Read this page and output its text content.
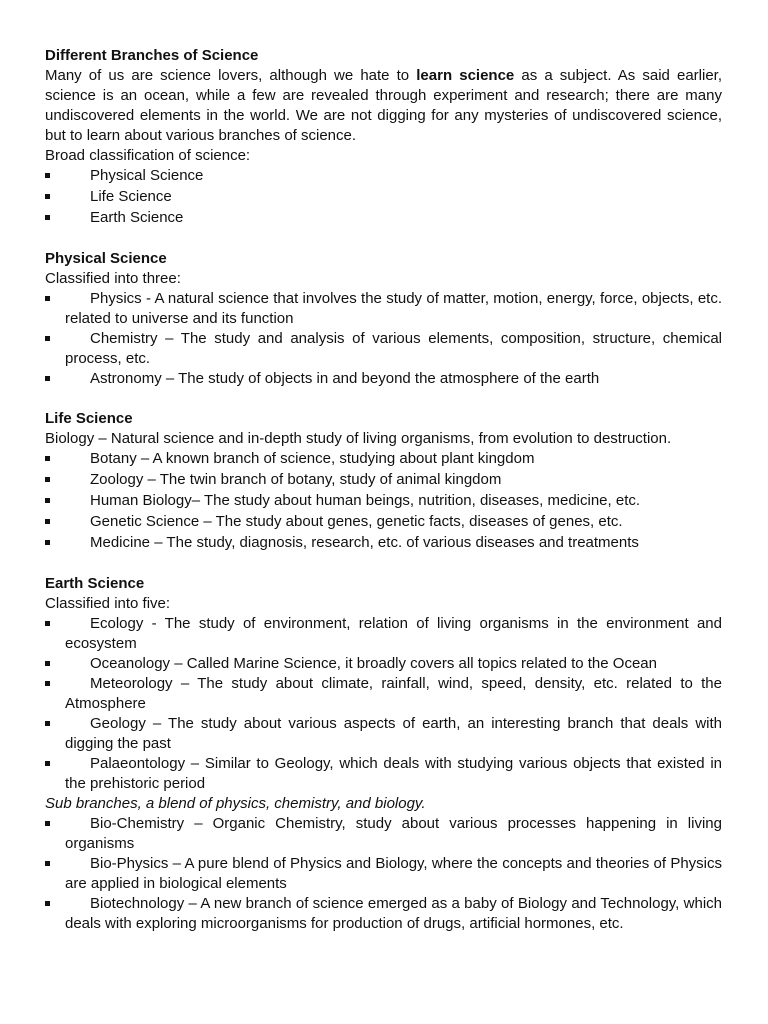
Different Branches of Science

Many of us are science lovers, although we hate to learn science as a subject. As said earlier, science is an ocean, while a few are revealed through experiment and research; there are many undiscovered elements in the world. We are not digging for any mysteries of undiscovered science, but to learn about various branches of science.

Broad classification of science:

Physical Science
Life Science
Earth Science

Physical Science

Classified into three:

Physics - A natural science that involves the study of matter, motion, energy, force, objects, etc. related to universe and its function
Chemistry – The study and analysis of various elements, composition, structure, chemical process, etc.
Astronomy – The study of objects in and beyond the atmosphere of the earth

Life Science

Biology – Natural science and in-depth study of living organisms, from evolution to destruction.

Botany – A known branch of science, studying about plant kingdom
Zoology – The twin branch of botany, study of animal kingdom
Human Biology– The study about human beings, nutrition, diseases, medicine, etc.
Genetic Science – The study about genes, genetic facts, diseases of genes, etc.
Medicine – The study, diagnosis, research, etc. of various diseases and treatments

Earth Science

Classified into five:

Ecology - The study of environment, relation of living organisms in the environment and ecosystem
Oceanology – Called Marine Science, it broadly covers all topics related to the Ocean
Meteorology – The study about climate, rainfall, wind, speed, density, etc. related to the Atmosphere
Geology – The study about various aspects of earth, an interesting branch that deals with digging the past
Palaeontology – Similar to Geology, which deals with studying various objects that existed in the prehistoric period

Sub branches, a blend of physics, chemistry, and biology.

Bio-Chemistry – Organic Chemistry, study about various processes happening in living organisms
Bio-Physics – A pure blend of Physics and Biology, where the concepts and theories of Physics are applied in biological elements
Biotechnology – A new branch of science emerged as a baby of Biology and Technology, which deals with exploring microorganisms for production of drugs, artificial hormones, etc.
